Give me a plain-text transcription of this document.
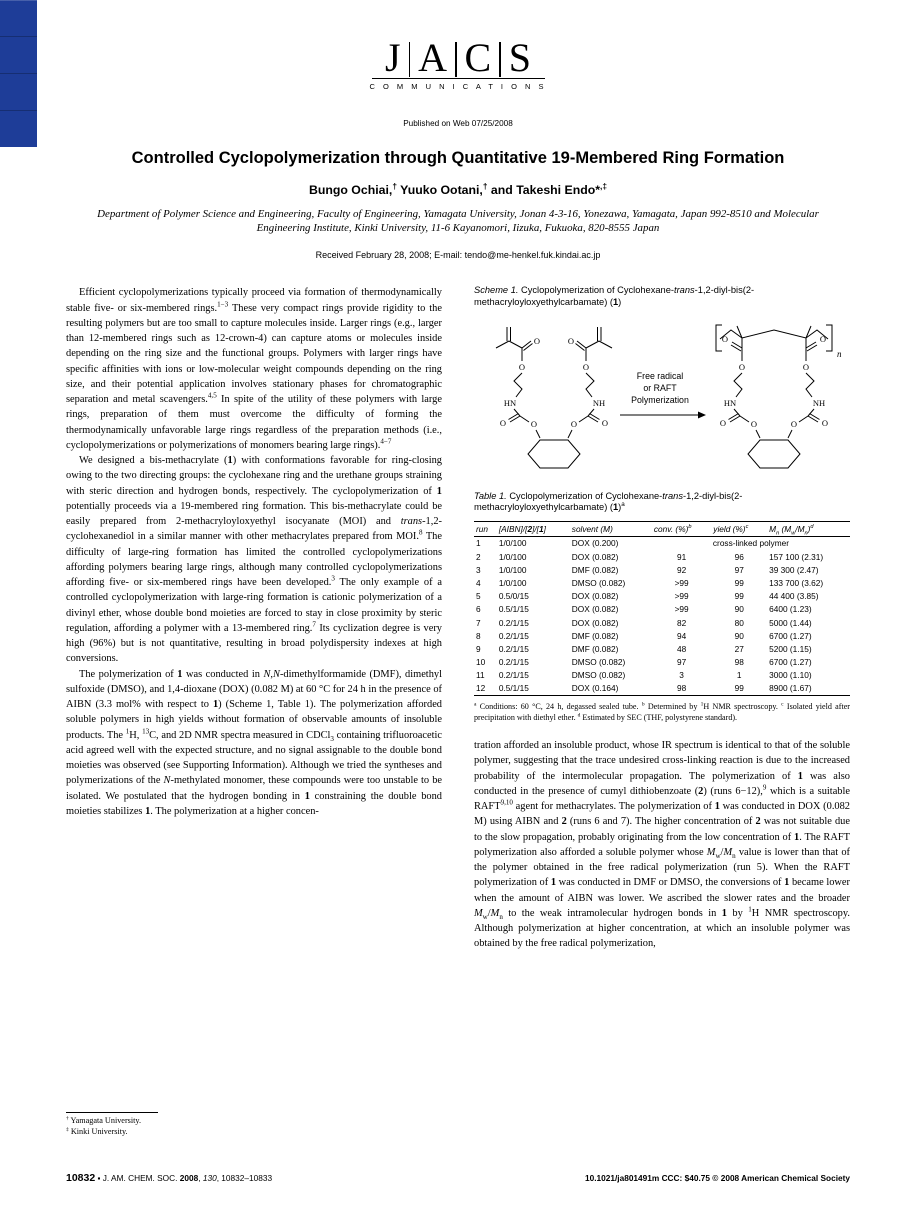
J A C S
C O M M U N I C A T I O N S
Published on Web 07/25/2008
Controlled Cyclopolymerization through Quantitative 19-Membered Ring Formation
Bungo Ochiai,† Yuuko Ootani,† and Takeshi Endo*,‡
Department of Polymer Science and Engineering, Faculty of Engineering, Yamagata University, Jonan 4-3-16, Yonezawa, Yamagata, Japan 992-8510 and Molecular Engineering Institute, Kinki University, 11-6 Kayanomori, Iizuka, Fukuoka, 820-8555 Japan
Received February 28, 2008; E-mail: tendo@me-henkel.fuk.kindai.ac.jp

Efficient cyclopolymerizations typically proceed via formation of thermodynamically stable five- or six-membered rings.$^{1-3}$ These very compact rings provide rigidity to the resulting polymers but are too small to capture molecules inside. Larger rings (e.g., larger than 12-membered rings such as 12-crown-4) can capture atoms or molecules inside depending on the ring size and the functional groups. Polymers with larger rings have specific affinities with ions or low-molecular weight compounds depending on the ring size, and their potential application involves stationary phases for chromatographic separation and metal scavengers.$^{4,5}$ In spite of the utility of these polymers with large rings, preparation of them must overcome the difficulty of forming the thermodynamically unfavorable large rings regardless of the preparation methods (i.e., cyclopolymerizations or polymerizations of monomers bearing large rings).$^{4-7}$

We designed a bis-methacrylate (1) with conformations favorable for ring-closing owing to the two directing groups: the cyclohexane ring and the urethane groups straining with steric direction and hydrogen bonds, respectively. The cyclopolymerization of 1 potentially proceeds via a 19-membered ring formation. This bis-methacrylate could be easily prepared from 2-methacryloyloxyethyl isocyanate (MOI) and trans-1,2-cyclohexanediol in a similar manner with other methacrylates prepared from MOI.$^8$ The difficulty of large-ring formation has limited the controlled cyclopolymerizations affording polymers bearing large rings, although many controlled cyclopolymerizations affording five- or six-membered rings have been developed.$^3$ The only example of a controlled cyclopolymerization with large-ring formation is cationic polymerization of a divinyl ether, whose double bond moieties are forced to stay in close proximity by steric regulation, affording a polymer with a 13-membered ring.$^7$ Its cyclization degree is very high (96%) but is not quantitative, resulting in broad polydispersity indexes at high conversions.

The polymerization of 1 was conducted in N,N-dimethylformamide (DMF), dimethyl sulfoxide (DMSO), and 1,4-dioxane (DOX) (0.082 M) at 60 °C for 24 h in the presence of AIBN (3.3 mol% with respect to 1) (Scheme 1, Table 1). The polymerization afforded soluble polymers in high yields without formation of observable amounts of insoluble products. The $^1$H, $^{13}$C, and 2D NMR spectra measured in CDCl$_3$ containing trifluoroacetic acid agreed well with the expected structure, and no signal assignable to the double bond moieties was observed (see Supporting Information). Although we tried the syntheses and polymerizations of the N-methylated monomer, these compounds were too unstable to be isolated. We postulated that the hydrogen bonding in 1 constraining the double bond moieties stabilizes 1. The polymerization at a higher concen-

† Yamagata University.
‡ Kinki University.
Scheme 1. Cyclopolymerization of Cyclohexane-trans-1,2-diyl-bis(2-methacryloyloxyethylcarbamate) (1)
O
O
HN
O	O
O
O
NH
O
O
Free radical
or RAFT
Polymerization
n
O
O
HN
O	O
O
O
NH
O
O
Table 1. Cyclopolymerization of Cyclohexane-trans-1,2-diyl-bis(2-methacryloyloxyethylcarbamate) $(1)^a$
run	[AIBN]/[2]/[1]	solvent (M)	conv. (%)$^b$	yield (%)$^c$	$M_n$ $(M_w/M_n)^d$
1	1/0/100	DOX (0.200)	cross-linked polymer		
2	1/0/100	DOX (0.082)	91	96	157 100 (2.31)
3	1/0/100	DMF (0.082)	92	97	39 300 (2.47)
4	1/0/100	DMSO (0.082)	>99	99	133 700 (3.62)
5	0.5/0/15	DOX (0.082)	>99	99	44 400 (3.85)
6	0.5/1/15	DOX (0.082)	>99	90	6400 (1.23)
7	0.2/1/15	DOX (0.082)	82	80	5000 (1.44)
8	0.2/1/15	DMF (0.082)	94	90	6700 (1.27)
9	0.2/1/15	DMF (0.082)	48	27	5200 (1.15)
10	0.2/1/15	DMSO (0.082)	97	98	6700 (1.27)
11	0.2/1/15	DMSO (0.082)	3	1	3000 (1.10)
12	0.5/1/15	DOX (0.164)	98	99	8900 (1.67)
$^a$ Conditions: 60 °C, 24 h, degassed sealed tube. $^b$ Determined by $^1$H NMR spectroscopy. $^c$ Isolated yield after precipitation with diethyl ether. $^d$ Estimated by SEC (THF, polystyrene standard).

tration afforded an insoluble product, whose IR spectrum is identical to that of the soluble polymer, suggesting that the trace undesired cross-linking reaction is due to the increased probability of the intermolecular propagation. The polymerization of 1 was also conducted in the presence of cumyl dithiobenzoate (2) (runs 6−12),$^9$ which is a suitable RAFT$^{9,10}$ agent for methacrylates. The polymerization of 1 was conducted in DOX (0.082 M) using AIBN and 2 (runs 6 and 7). The higher concentration of 2 was not suitable due to the slow propagation, probably originating from the low concentration of 1. The RAFT polymerization also afforded a soluble polymer whose $M_w/M_n$ value is lower than that of the polymer obtained in the free radical polymerization (run 5). When the RAFT polymerization of 1 was conducted in DMF or DMSO, the conversions of 1 became lower when the amount of AIBN was lower. We ascribed the slower rates and the broader $M_w/M_n$ to the weak intramolecular hydrogen bonds in 1 by $^1$H NMR spectroscopy. Although polymerization at higher concentration, at which an insoluble polymer was obtained by the free radical polymerization,

10832 ▪ J. AM. CHEM. SOC. 2008, 130, 10832–10833	10.1021/ja801491m CCC: $40.75 © 2008 American Chemical Society
